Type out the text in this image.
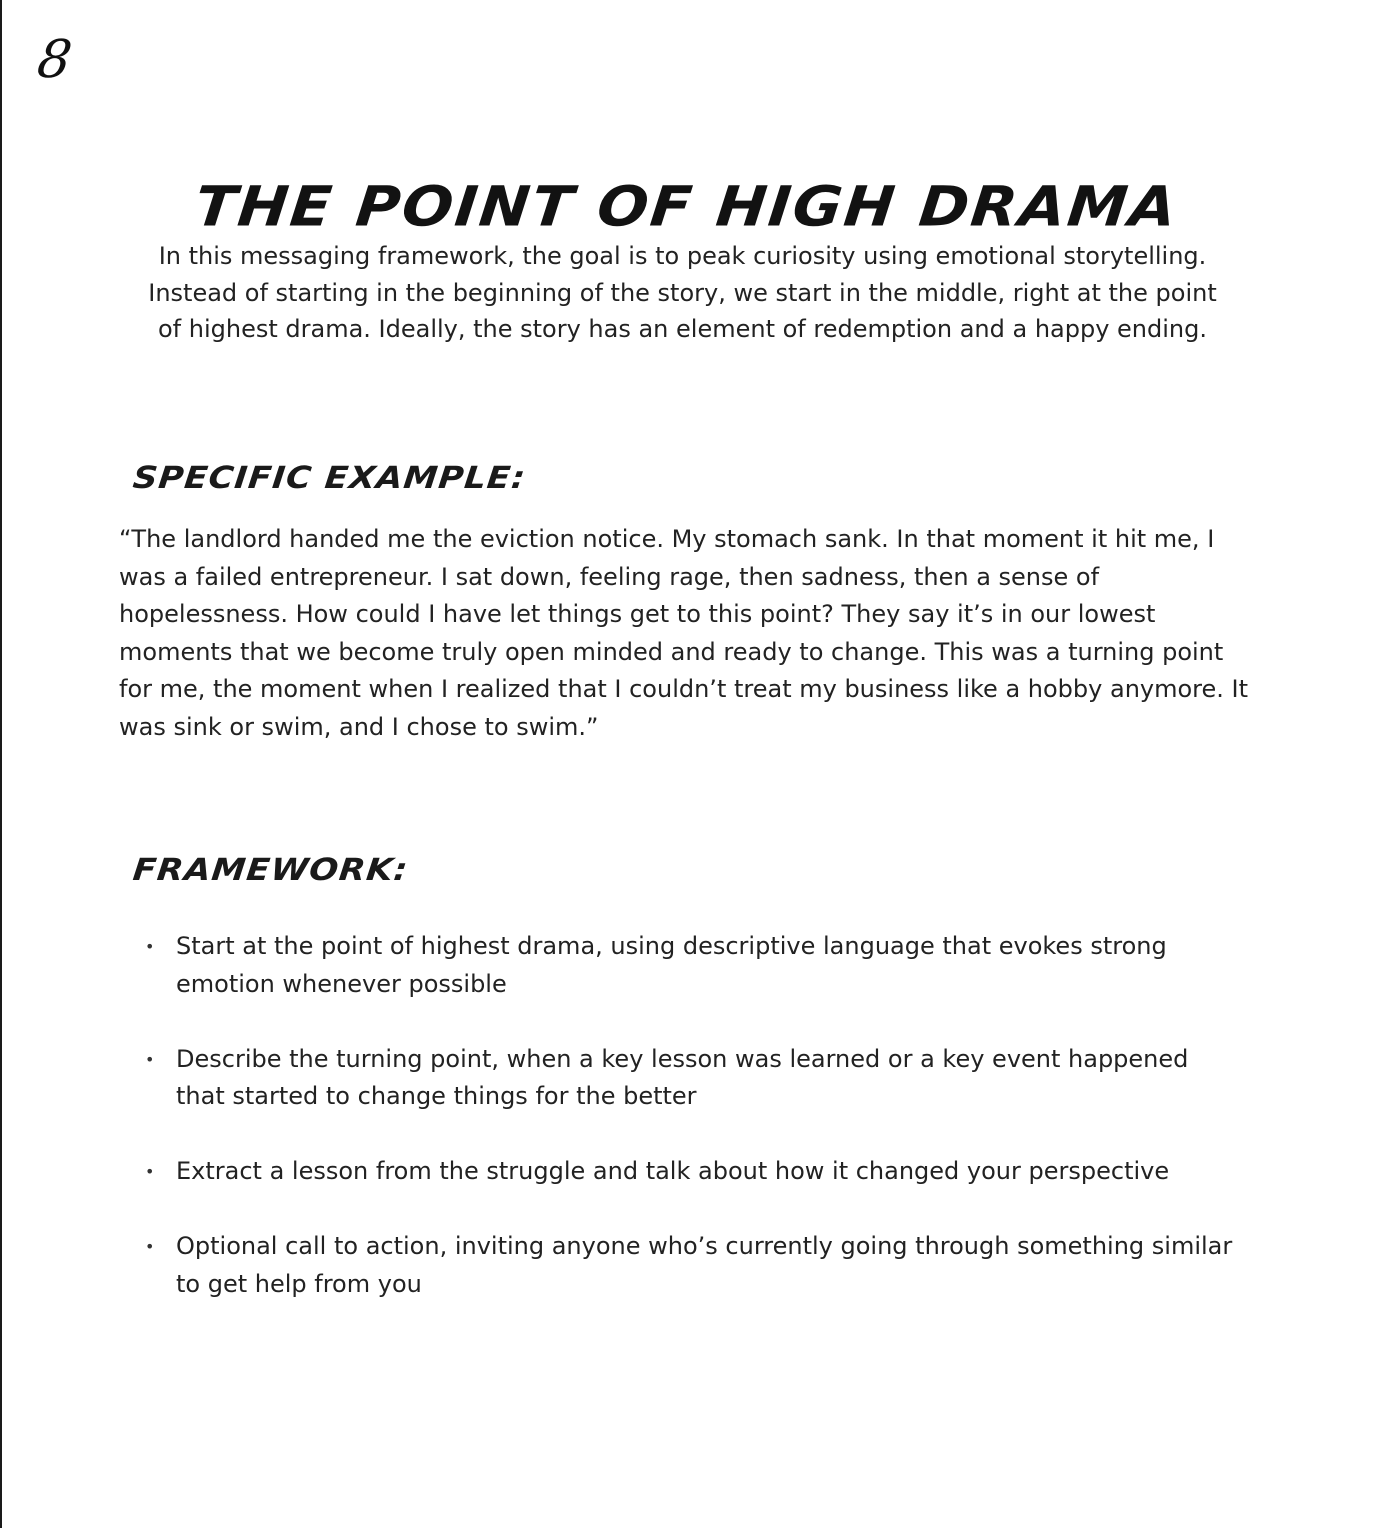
8
THE POINT OF HIGH DRAMA

In this messaging framework, the goal is to peak curiosity using emotional storytelling. Instead of starting in the beginning of the story, we start in the middle, right at the point of highest drama. Ideally, the story has an element of redemption and a happy ending.

SPECIFIC EXAMPLE:

“The landlord handed me the eviction notice. My stomach sank. In that moment it hit me, I was a failed entrepreneur. I sat down, feeling rage, then sadness, then a sense of hopelessness. How could I have let things get to this point? They say it’s in our lowest moments that we become truly open minded and ready to change. This was a turning point for me, the moment when I realized that I couldn’t treat my business like a hobby anymore. It was sink or swim, and I chose to swim.”

FRAMEWORK:
• Start at the point of highest drama, using descriptive language that evokes strong emotion whenever possible
• Describe the turning point, when a key lesson was learned or a key event happened that started to change things for the better
• Extract a lesson from the struggle and talk about how it changed your perspective
• Optional call to action, inviting anyone who’s currently going through something similar to get help from you
